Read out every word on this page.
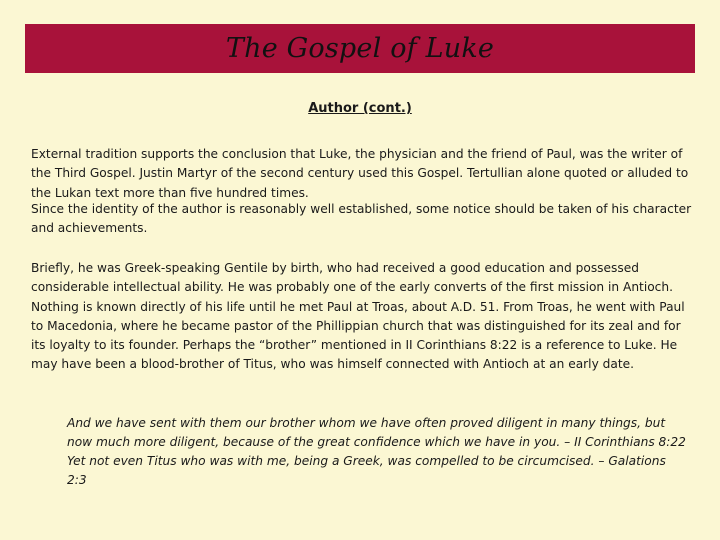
The Gospel of Luke
Author (cont.)

External tradition supports the conclusion that Luke, the physician and the friend of Paul, was the writer of the Third Gospel. Justin Martyr of the second century used this Gospel. Tertullian alone quoted or alluded to the Lukan text more than five hundred times.

Since the identity of the author is reasonably well established, some notice should be taken of his character and achievements.

Briefly, he was Greek-speaking Gentile by birth, who had received a good education and possessed considerable intellectual ability. He was probably one of the early converts of the first mission in Antioch. Nothing is known directly of his life until he met Paul at Troas, about A.D. 51. From Troas, he went with Paul to Macedonia, where he became pastor of the Phillippian church that was distinguished for its zeal and for its loyalty to its founder. Perhaps the “brother” mentioned in II Corinthians 8:22 is a reference to Luke. He may have been a blood-brother of Titus, who was himself connected with Antioch at an early date.

And we have sent with them our brother whom we have often proved diligent in many things, but now much more diligent, because of the great confidence which we have in you. – II Corinthians 8:22
Yet not even Titus who was with me, being a Greek, was compelled to be circumcised. – Galations 2:3
